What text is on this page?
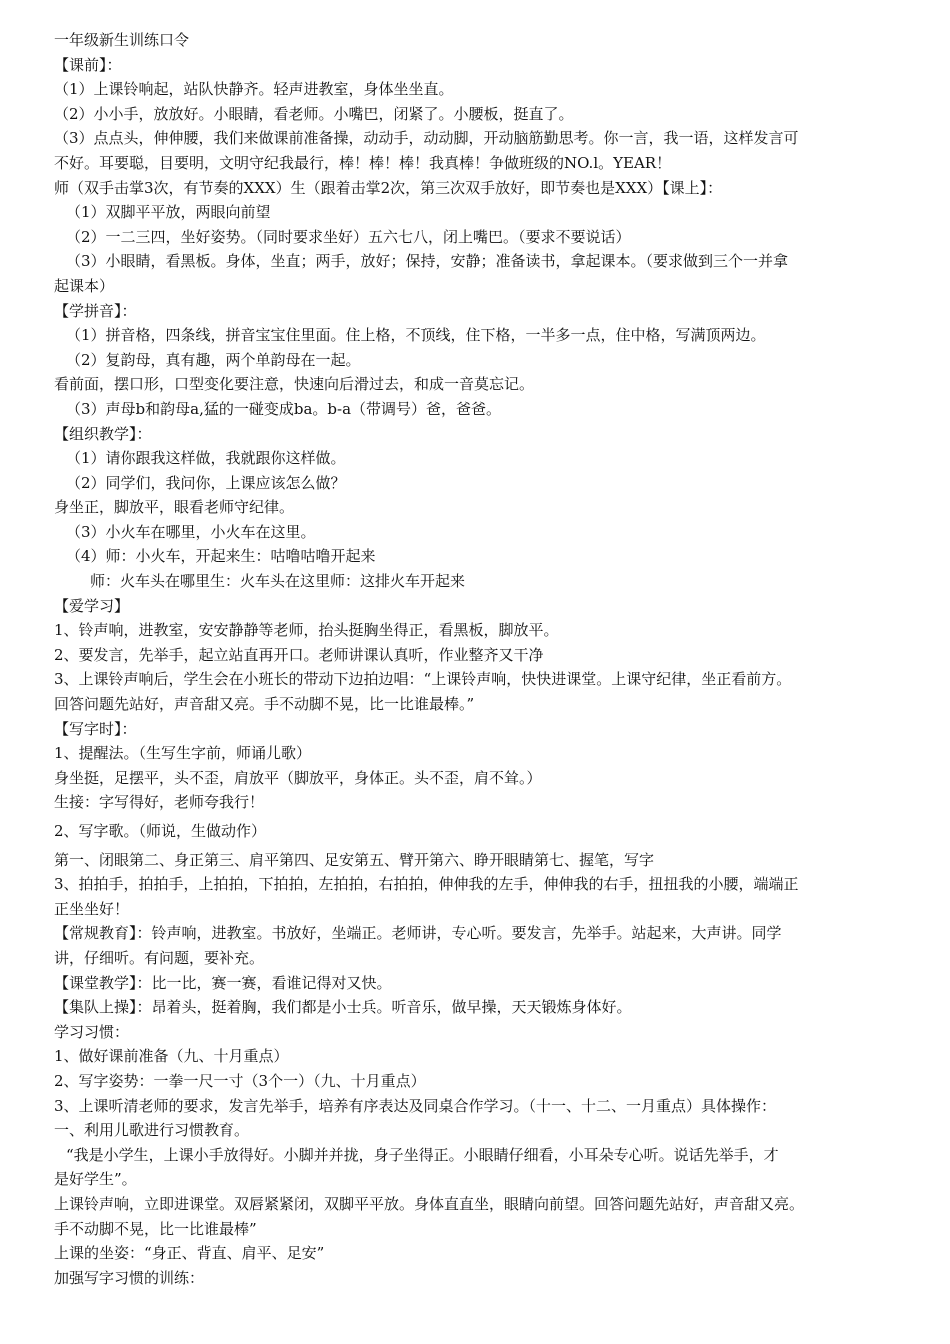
一年级新生训练口令
【课前】：
（1）上课铃响起，站队快静齐。轻声进教室，身体坐坐直。
（2）小小手，放放好。小眼睛，看老师。小嘴巴，闭紧了。小腰板，挺直了。
（3）点点头，伸伸腰，我们来做课前准备操，动动手，动动脚，开动脑筋勤思考。你一言，我一语，这样发言可
不好。耳要聪，目要明，文明守纪我最行，棒！棒！棒！我真棒！争做班级的NO.l。YEAR！
师（双手击掌3次，有节奏的XXX）生（跟着击掌2次，第三次双手放好，即节奏也是XXX）【课上】：
（1）双脚平平放，两眼向前望
（2）一二三四，坐好姿势。（同时要求坐好）五六七八，闭上嘴巴。（要求不要说话）
（3）小眼睛，看黑板。身体，坐直；两手，放好；保持，安静；准备读书，拿起课本。（要求做到三个一并拿
起课本）
【学拼音】：
（1）拼音格，四条线，拼音宝宝住里面。住上格，不顶线，住下格，一半多一点，住中格，写满顶两边。
（2）复韵母，真有趣，两个单韵母在一起。
看前面，摆口形，口型变化要注意，快速向后滑过去，和成一音莫忘记。
（3）声母b和韵母a,猛的一碰变成ba。b-a（带调号）爸，爸爸。
【组织教学】：
（1）请你跟我这样做，我就跟你这样做。
（2）同学们，我问你，上课应该怎么做？
身坐正，脚放平，眼看老师守纪律。
（3）小火车在哪里，小火车在这里。
（4）师：小火车，开起来生：咕噜咕噜开起来
师：火车头在哪里生：火车头在这里师：这排火车开起来
【爱学习】
1、铃声响，进教室，安安静静等老师，抬头挺胸坐得正，看黑板，脚放平。
2、要发言，先举手，起立站直再开口。老师讲课认真听，作业整齐又干净
3、上课铃声响后，学生会在小班长的带动下边拍边唱：“上课铃声响，快快进课堂。上课守纪律，坐正看前方。
回答问题先站好，声音甜又亮。手不动脚不晃，比一比谁最棒。”
【写字时】：
1、提醒法。（生写生字前，师诵儿歌）
身坐挺，足摆平，头不歪，肩放平（脚放平，身体正。头不歪，肩不耸。）
生接：字写得好，老师夸我行！
2、写字歌。（师说，生做动作）
第一、闭眼第二、身正第三、肩平第四、足安第五、臂开第六、睁开眼睛第七、握笔，写字
3、拍拍手，拍拍手，上拍拍，下拍拍，左拍拍，右拍拍，伸伸我的左手，伸伸我的右手，扭扭我的小腰，端端正
正坐坐好！
【常规教育】：铃声响，进教室。书放好，坐端正。老师讲，专心听。要发言，先举手。站起来，大声讲。同学
讲，仔细听。有问题，要补充。
【课堂教学】：比一比，赛一赛，看谁记得对又快。
【集队上操】：昂着头，挺着胸，我们都是小士兵。听音乐，做早操，天天锻炼身体好。
学习习惯：
1、做好课前准备（九、十月重点）
2、写字姿势：一拳一尺一寸（3个一）（九、十月重点）
3、上课听清老师的要求，发言先举手，培养有序表达及同桌合作学习。（十一、十二、一月重点）具体操作：
一、利用儿歌进行习惯教育。
“我是小学生，上课小手放得好。小脚并并拢，身子坐得正。小眼睛仔细看，小耳朵专心听。说话先举手，才
是好学生”。
上课铃声响，立即进课堂。双唇紧紧闭，双脚平平放。身体直直坐，眼睛向前望。回答问题先站好，声音甜又亮。
手不动脚不晃，比一比谁最棒”
上课的坐姿：“身正、背直、肩平、足安”
加强写字习惯的训练：
